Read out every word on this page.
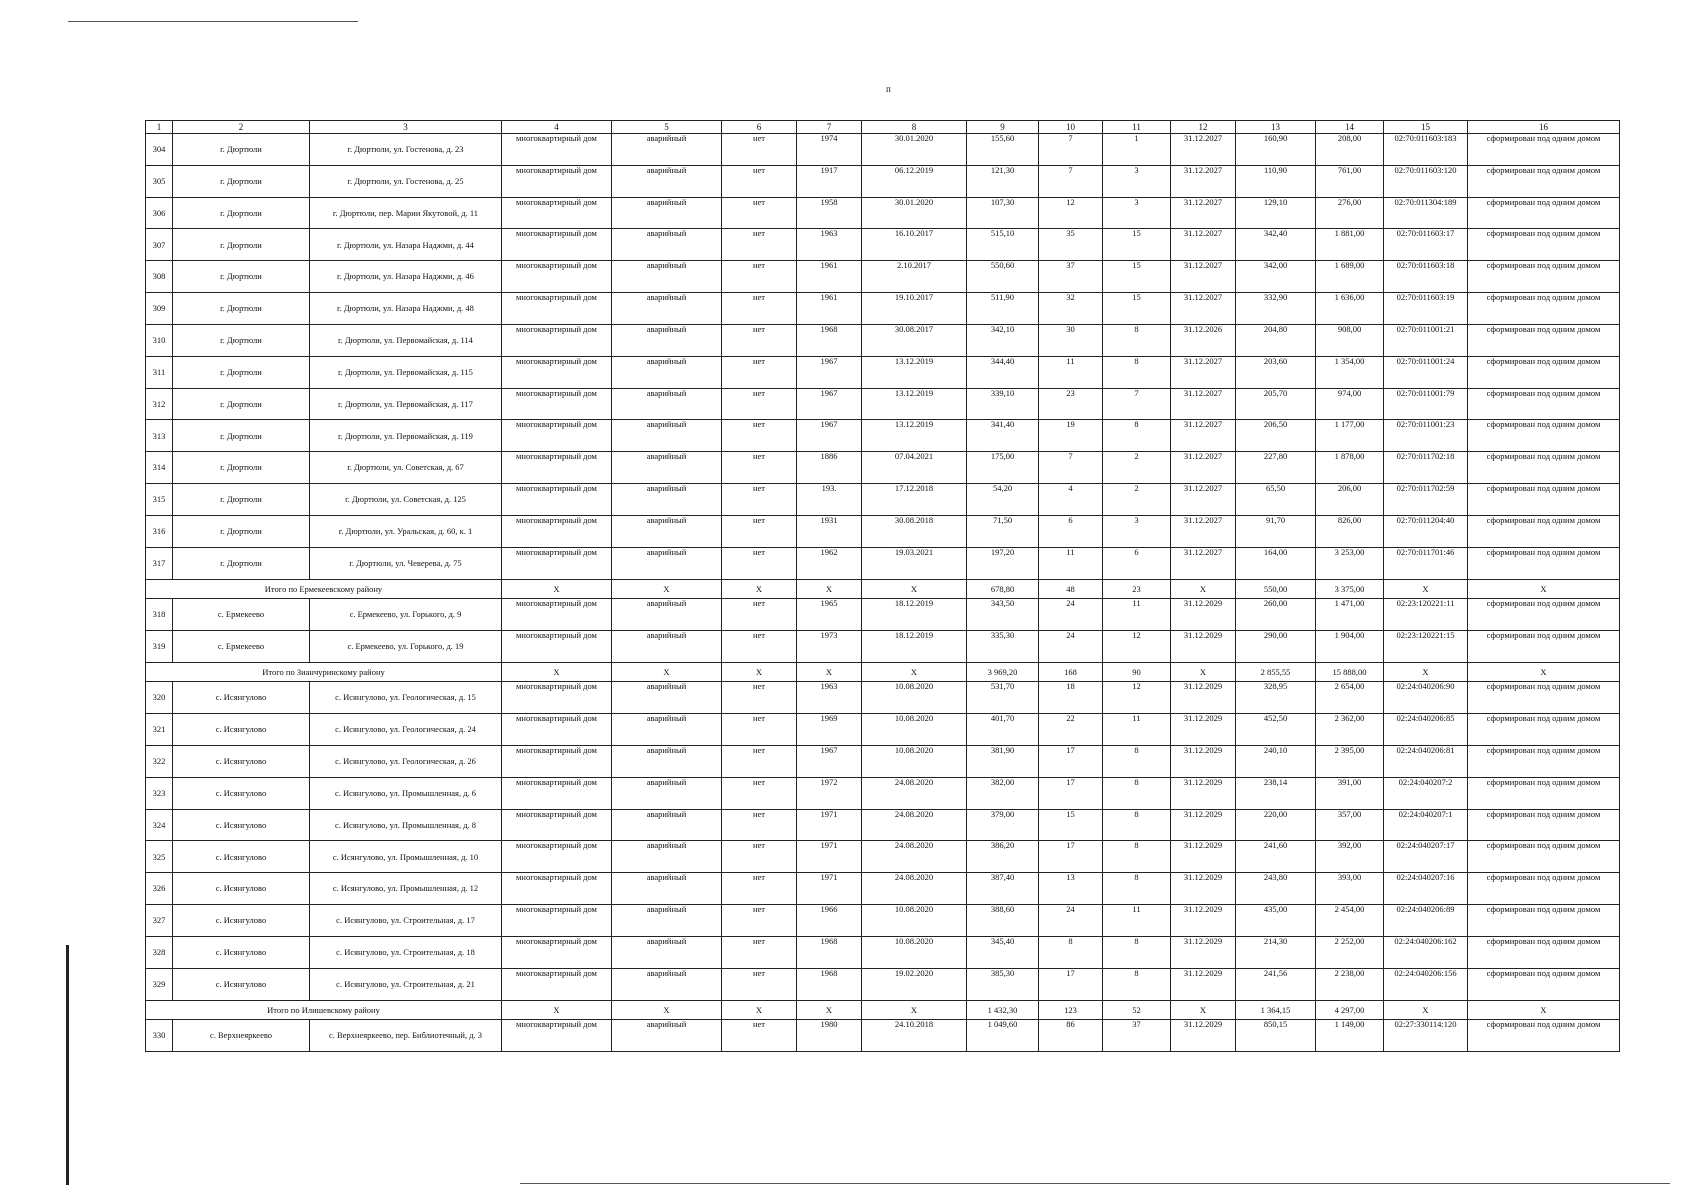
п
1	2	3	4	5	6	7	8	9	10	11	12	13	14	15	16
304	г. Дюртюли	г. Дюртюли, ул. Гостенова, д. 23	многоквартирный дом	аварийный	нет	1974	30.01.2020	155,60	7	1	31.12.2027	160,90	208,00	02:70:011603:183	сформирован под одним домом
305	г. Дюртюли	г. Дюртюли, ул. Гостенова, д. 25	многоквартирный дом	аварийный	нет	1917	06.12.2019	121,30	7	3	31.12.2027	110,90	761,00	02:70:011603:120	сформирован под одним домом
306	г. Дюртюли	г. Дюртюли, пер. Марии Якутовой, д. 11	многоквартирный дом	аварийный	нет	1958	30.01.2020	107,30	12	3	31.12.2027	129,10	276,00	02:70:011304:189	сформирован под одним домом
307	г. Дюртюли	г. Дюртюли, ул. Назара Наджми, д. 44	многоквартирный дом	аварийный	нет	1963	16.10.2017	515,10	35	15	31.12.2027	342,40	1 881,00	02:70:011603:17	сформирован под одним домом
308	г. Дюртюли	г. Дюртюли, ул. Назара Наджми, д. 46	многоквартирный дом	аварийный	нет	1961	2.10.2017	550,60	37	15	31.12.2027	342,00	1 689,00	02:70:011603:18	сформирован под одним домом
309	г. Дюртюли	г. Дюртюли, ул. Назара Наджми, д. 48	многоквартирный дом	аварийный	нет	1961	19.10.2017	511,90	32	15	31.12.2027	332,90	1 636,00	02:70:011603:19	сформирован под одним домом
310	г. Дюртюли	г. Дюртюли, ул. Первомайская, д. 114	многоквартирный дом	аварийный	нет	1968	30.08.2017	342,10	30	8	31.12.2026	204,80	908,00	02:70:011001:21	сформирован под одним домом
311	г. Дюртюли	г. Дюртюли, ул. Первомайская, д. 115	многоквартирный дом	аварийный	нет	1967	13.12.2019	344,40	11	8	31.12.2027	203,60	1 354,00	02:70:011001:24	сформирован под одним домом
312	г. Дюртюли	г. Дюртюли, ул. Первомайская, д. 117	многоквартирный дом	аварийный	нет	1967	13.12.2019	339,10	23	7	31.12.2027	205,70	974,00	02:70:011001:79	сформирован под одним домом
313	г. Дюртюли	г. Дюртюли, ул. Первомайская, д. 119	многоквартирный дом	аварийный	нет	1967	13.12.2019	341,40	19	8	31.12.2027	206,50	1 177,00	02:70:011001:23	сформирован под одним домом
314	г. Дюртюли	г. Дюртюли, ул. Советская, д. 67	многоквартирный дом	аварийный	нет	1886	07.04.2021	175,00	7	2	31.12.2027	227,80	1 878,00	02:70:011702:18	сформирован под одним домом
315	г. Дюртюли	г. Дюртюли, ул. Советская, д. 125	многоквартирный дом	аварийный	нет	193.	17.12.2018	54,20	4	2	31.12.2027	65,50	206,00	02:70:011702:59	сформирован под одним домом
316	г. Дюртюли	г. Дюртюли, ул. Уральская, д. 60, к. 1	многоквартирный дом	аварийный	нет	1931	30.08.2018	71,50	6	3	31.12.2027	91,70	826,00	02:70:011204:40	сформирован под одним домом
317	г. Дюртюли	г. Дюртюли, ул. Чеверева, д. 75	многоквартирный дом	аварийный	нет	1962	19.03.2021	197,20	11	6	31.12.2027	164,00	3 253,00	02:70:011701:46	сформирован под одним домом
Итого по Ермекеевскому району			Х	Х	Х	Х	Х	678,80	48	23	Х	550,00	3 375,00	Х	Х
318	с. Ермекеево	с. Ермекеево, ул. Горького, д. 9	многоквартирный дом	аварийный	нет	1965	18.12.2019	343,50	24	11	31.12.2029	260,00	1 471,00	02:23:120221:11	сформирован под одним домом
319	с. Ермекеево	с. Ермекеево, ул. Горького, д. 19	многоквартирный дом	аварийный	нет	1973	18.12.2019	335,30	24	12	31.12.2029	290,00	1 904,00	02:23:120221:15	сформирован под одним домом
Итого по Зианчуринскому району			Х	Х	Х	Х	Х	3 969,20	168	90	Х	2 855,55	15 888,00	Х	Х
320	с. Исянгулово	с. Исянгулово, ул. Геологическая, д. 15	многоквартирный дом	аварийный	нет	1963	10.08.2020	531,70	18	12	31.12.2029	328,95	2 654,00	02:24:040206:90	сформирован под одним домом
321	с. Исянгулово	с. Исянгулово, ул. Геологическая, д. 24	многоквартирный дом	аварийный	нет	1969	10.08.2020	401,70	22	11	31.12.2029	452,50	2 362,00	02:24:040206:85	сформирован под одним домом
322	с. Исянгулово	с. Исянгулово, ул. Геологическая, д. 26	многоквартирный дом	аварийный	нет	1967	10.08.2020	381,90	17	8	31.12.2029	240,10	2 395,00	02:24:040206:81	сформирован под одним домом
323	с. Исянгулово	с. Исянгулово, ул. Промышленная, д. 6	многоквартирный дом	аварийный	нет	1972	24.08.2020	382,00	17	8	31.12.2029	238,14	391,00	02:24:040207:2	сформирован под одним домом
324	с. Исянгулово	с. Исянгулово, ул. Промышленная, д. 8	многоквартирный дом	аварийный	нет	1971	24.08.2020	379,00	15	8	31.12.2029	220,00	357,00	02:24:040207:1	сформирован под одним домом
325	с. Исянгулово	с. Исянгулово, ул. Промышленная, д. 10	многоквартирный дом	аварийный	нет	1971	24.08.2020	386,20	17	8	31.12.2029	241,60	392,00	02:24:040207:17	сформирован под одним домом
326	с. Исянгулово	с. Исянгулово, ул. Промышленная, д. 12	многоквартирный дом	аварийный	нет	1971	24.08.2020	387,40	13	8	31.12.2029	243,80	393,00	02:24:040207:16	сформирован под одним домом
327	с. Исянгулово	с. Исянгулово, ул. Строительная, д. 17	многоквартирный дом	аварийный	нет	1966	10.08.2020	388,60	24	11	31.12.2029	435,00	2 454,00	02:24:040206:89	сформирован под одним домом
328	с. Исянгулово	с. Исянгулово, ул. Строительная, д. 18	многоквартирный дом	аварийный	нет	1968	10.08.2020	345,40	8	8	31.12.2029	214,30	2 252,00	02:24:040206:162	сформирован под одним домом
329	с. Исянгулово	с. Исянгулово, ул. Строительная, д. 21	многоквартирный дом	аварийный	нет	1968	19.02.2020	385,30	17	8	31.12.2029	241,56	2 238,00	02:24:040206:156	сформирован под одним домом
Итого по Илишевскому району			Х	Х	Х	Х	Х	1 432,30	123	52	Х	1 364,15	4 297,00	Х	Х
330	с. Верхнеяркеево	с. Верхнеяркеево, пер. Библиотечный, д. 3	многоквартирный дом	аварийный	нет	1980	24.10.2018	1 049,60	86	37	31.12.2029	850,15	1 149,00	02:27:330114:120	сформирован под одним домом
